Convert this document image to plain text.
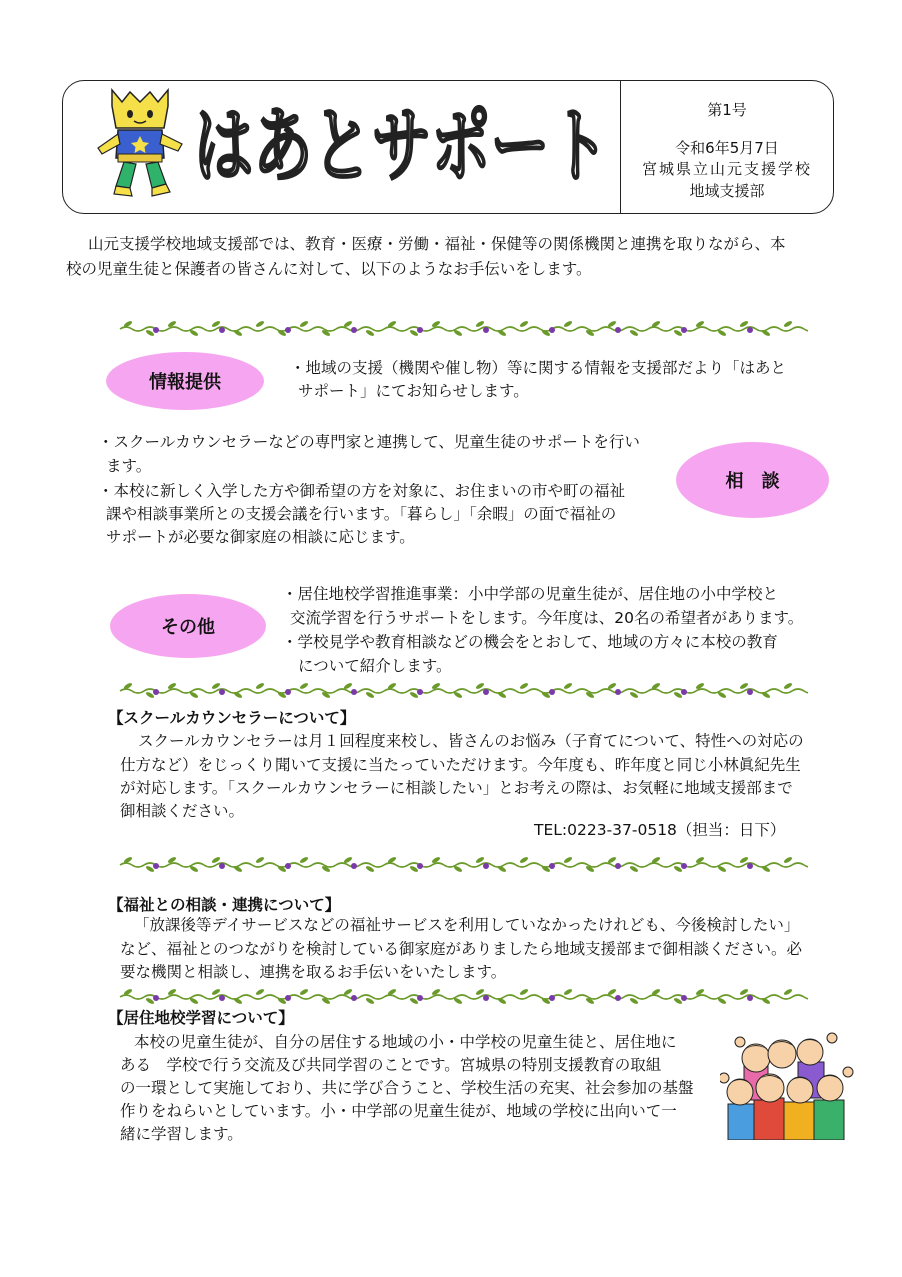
はあとサポート	第1号
令和6年5月7日
宮城県立山元支援学校
地域支援部
山元支援学校地域支援部では、教育・医療・労働・福祉・保健等の関係機関と連携を取りながら、本
校の児童生徒と保護者の皆さんに対して、以下のようなお手伝いをします。
情報提供
・地域の支援（機関や催し物）等に関する情報を支援部だより「はあと
サポート」にてお知らせします。
・スクールカウンセラーなどの専門家と連携して、児童生徒のサポートを行い
ます。
・本校に新しく入学した方や御希望の方を対象に、お住まいの市や町の福祉
課や相談事業所との支援会議を行います。「暮らし」「余暇」の面で福祉の
サポートが必要な御家庭の相談に応じます。
相　談
その他
・居住地校学習推進事業：小中学部の児童生徒が、居住地の小中学校と
交流学習を行うサポートをします。今年度は、20名の希望者があります。
・学校見学や教育相談などの機会をとおして、地域の方々に本校の教育
について紹介します。
【スクールカウンセラーについて】
スクールカウンセラーは月１回程度来校し、皆さんのお悩み（子育てについて、特性への対応の
仕方など）をじっくり聞いて支援に当たっていただけます。今年度も、昨年度と同じ小林眞紀先生
が対応します。「スクールカウンセラーに相談したい」とお考えの際は、お気軽に地域支援部まで
御相談ください。
TEL:0223-37-0518（担当：日下）
【福祉との相談・連携について】
「放課後等デイサービスなどの福祉サービスを利用していなかったけれども、今後検討したい」
など、福祉とのつながりを検討している御家庭がありましたら地域支援部まで御相談ください。必
要な機関と相談し、連携を取るお手伝いをいたします。
【居住地校学習について】
本校の児童生徒が、自分の居住する地域の小・中学校の児童生徒と、居住地に
ある　学校で行う交流及び共同学習のことです。宮城県の特別支援教育の取組
の一環として実施しており、共に学び合うこと、学校生活の充実、社会参加の基盤
作りをねらいとしています。小・中学部の児童生徒が、地域の学校に出向いて一
緒に学習します。
